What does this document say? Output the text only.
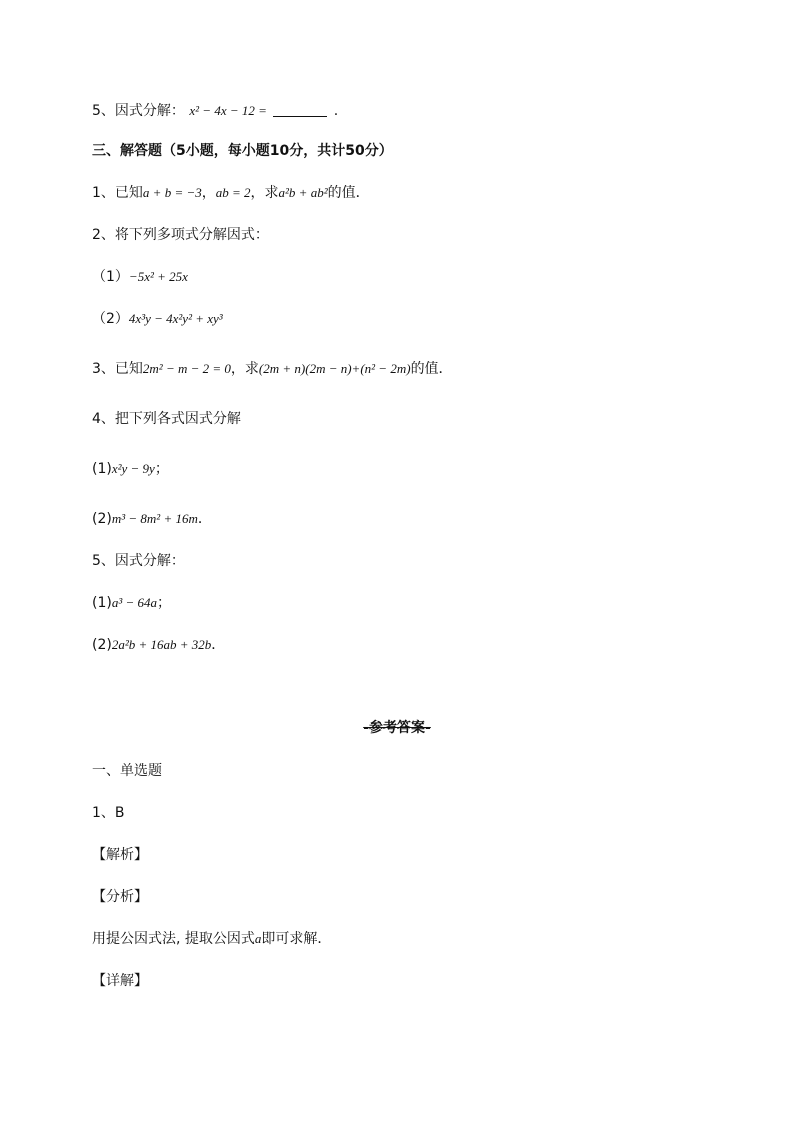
5、因式分解： x² − 4x − 12 =	.
三、解答题（5小题，每小题10分，共计50分）
1、已知a + b = −3，ab = 2，求a²b + ab²的值．
2、将下列多项式分解因式：
（1）−5x² + 25x
（2）4x³y − 4x²y² + xy³
3、已知2m² − m − 2 = 0，求(2m + n)(2m − n)+(n² − 2m)的值．
4、把下列各式因式分解
(1)x²y − 9y；
(2)m³ − 8m² + 16m．
5、因式分解：
(1)a³ − 64a；
(2)2a²b + 16ab + 32b．
-参考答案-
一、单选题
1、B
【解析】
【分析】
用提公因式法, 提取公因式a即可求解．
【详解】
